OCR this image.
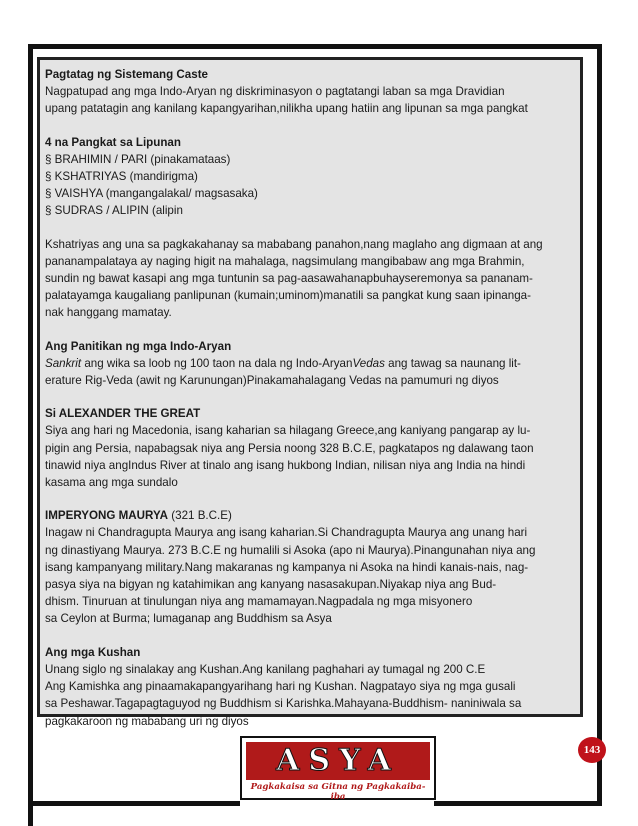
Pagtatag ng Sistemang Caste
Nagpatupad ang mga Indo-Aryan ng diskriminasyon o pagtatangi laban sa mga Dravidian
upang patatagin ang kanilang kapangyarihan,nilikha upang hatiin ang lipunan sa mga pangkat
4 na Pangkat sa Lipunan
§ BRAHIMIN / PARI (pinakamataas)
§ KSHATRIYAS (mandirigma)
§ VAISHYA (mangangalakal/ magsasaka)
§ SUDRAS / ALIPIN (alipin
Kshatriyas ang una sa pagkakahanay sa mababang panahon,nang maglaho ang digmaan at ang
pananampalataya ay naging higit na mahalaga, nagsimulang mangibabaw ang mga Brahmin,
sundin ng bawat kasapi ang mga tuntunin sa pag-aasawahanapbuhayseremonya sa pananam-
palatayamga kaugaliang panlipunan (kumain;uminom)manatili sa pangkat kung saan ipinanga-
nak hanggang mamatay.
Ang Panitikan ng mga Indo-Aryan
Sankrit ang wika sa loob ng 100 taon na dala ng Indo-AryanVedas ang tawag sa naunang lit-
erature Rig-Veda (awit ng Karunungan)Pinakamahalagang Vedas na pamumuri ng diyos
Si ALEXANDER THE GREAT
Siya ang hari ng Macedonia, isang kaharian sa hilagang Greece,ang kaniyang pangarap ay lu-
pigin ang Persia, napabagsak niya ang Persia noong 328 B.C.E, pagkatapos ng dalawang taon
tinawid niya angIndus River at tinalo ang isang hukbong Indian, nilisan niya ang India na hindi
kasama ang mga sundalo
IMPERYONG MAURYA (321 B.C.E)
Inagaw ni Chandragupta Maurya ang isang kaharian.Si Chandragupta Maurya ang unang hari
ng dinastiyang Maurya. 273 B.C.E ng humalili si Asoka (apo ni Maurya).Pinangunahan niya ang
isang kampanyang military.Nang makaranas ng kampanya ni Asoka na hindi kanais-nais, nag-
pasya siya na bigyan ng katahimikan ang kanyang nasasakupan.Niyakap niya ang Bud-
dhism. Tinuruan at tinulungan niya ang mamamayan.Nagpadala ng mga misyonero
sa Ceylon at Burma; lumaganap ang Buddhism sa Asya
Ang mga Kushan
Unang siglo ng sinalakay ang Kushan.Ang kanilang paghahari ay tumagal ng 200 C.E
Ang Kamishka ang pinaamakapangyarihang hari ng Kushan. Nagpatayo siya ng mga gusali
sa Peshawar.Tagapagtaguyod ng Buddhism si Karishka.Mahayana-Buddhism- naniniwala sa
pagkakaroon ng mababang uri ng diyos
ASYA
Pagkakaisa sa Gitna ng Pagkakaiba-iba
143
